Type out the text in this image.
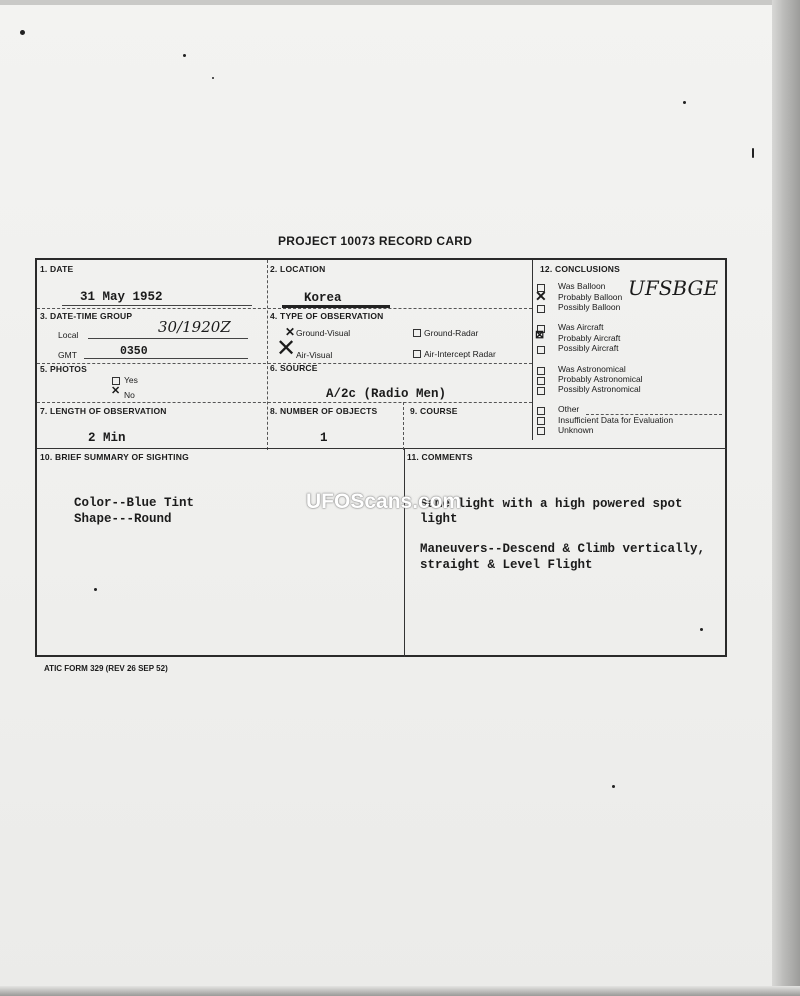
PROJECT 10073 RECORD CARD
1. DATE
31 May 1952
2. LOCATION
Korea
3. DATE-TIME GROUP
Local	30/1920Z
GMT	0350
4. TYPE OF OBSERVATION
✕ Ground-Visual	Ground-Radar
✕ Air-Visual	Air-Intercept Radar
5. PHOTOS
Yes
✕ No
6. SOURCE
A/2c (Radio Men)
7. LENGTH OF OBSERVATION
2 Min
8. NUMBER OF OBJECTS
1
9. COURSE
10. BRIEF SUMMARY OF SIGHTING
Color--Blue Tint
Shape---Round
11. COMMENTS
Same light with a high powered spot
light
Maneuvers--Descend & Climb vertically,
straight & Level Flight
12. CONCLUSIONS
UFSBGE
Was Balloon
✕ Probably Balloon
Possibly Balloon
Was Aircraft
⊠ Probably Aircraft
Possibly Aircraft
Was Astronomical
Probably Astronomical
Possibly Astronomical
Other
Insufficient Data for Evaluation
Unknown
UFOScans.com
ATIC FORM 329 (REV 26 SEP 52)
